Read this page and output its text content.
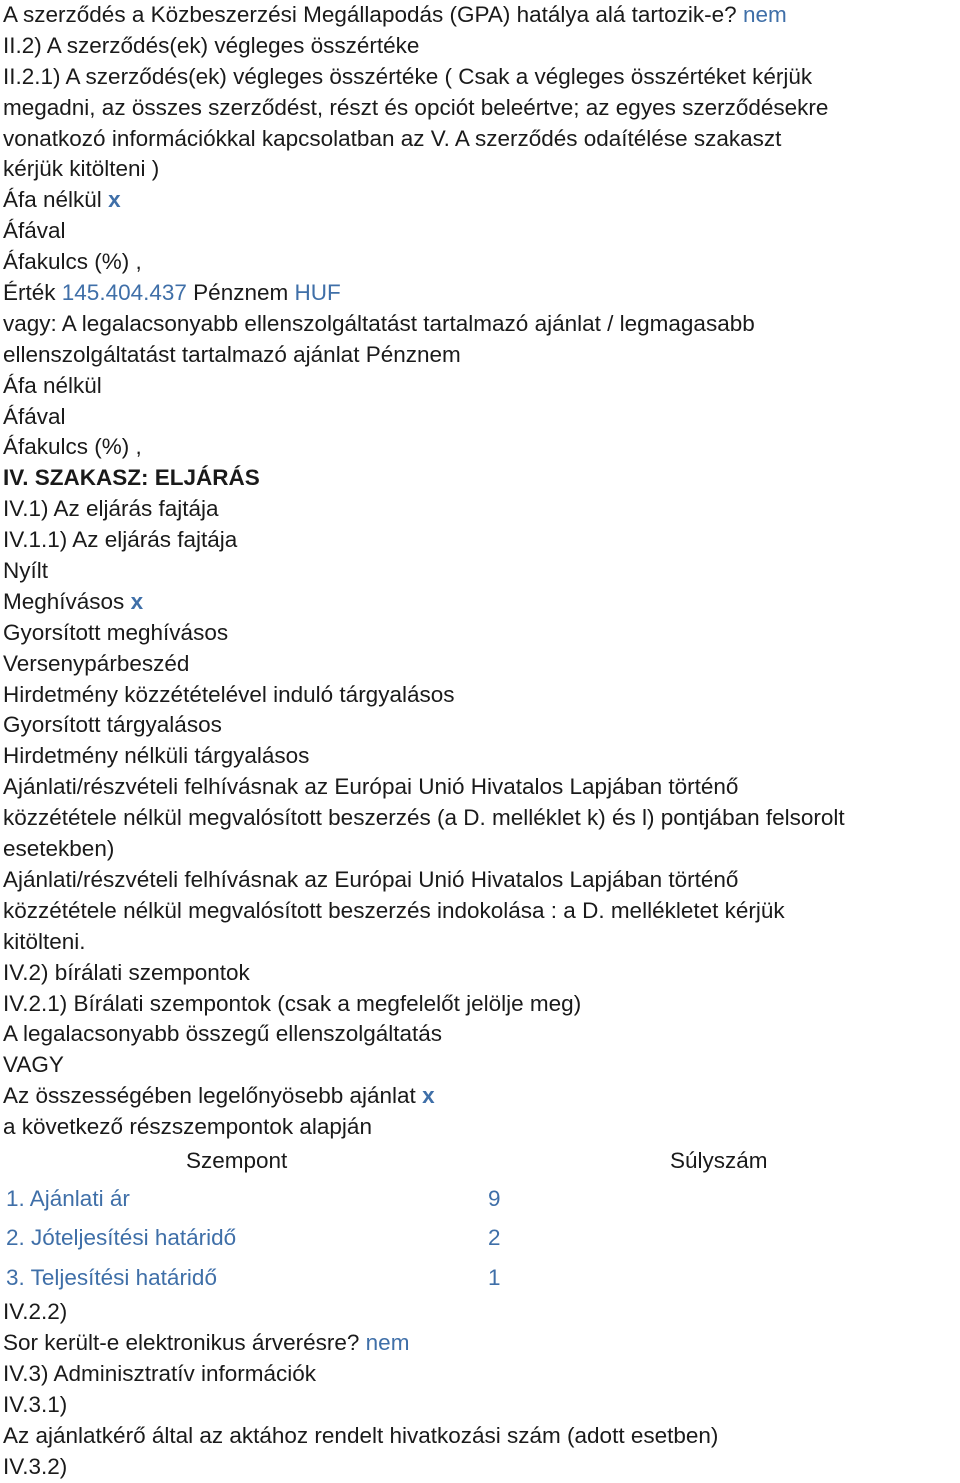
A szerződés a Közbeszerzési Megállapodás (GPA) hatálya alá tartozik-e? nem
II.2) A szerződés(ek) végleges összértéke
II.2.1) A szerződés(ek) végleges összértéke ( Csak a végleges összértéket kérjük
megadni, az összes szerződést, részt és opciót beleértve; az egyes szerződésekre
vonatkozó információkkal kapcsolatban az V. A szerződés odaítélése szakaszt
kérjük kitölteni )
Áfa nélkül x
Áfával
Áfakulcs (%) ,
Érték 145.404.437 Pénznem HUF
vagy: A legalacsonyabb ellenszolgáltatást tartalmazó ajánlat / legmagasabb
ellenszolgáltatást tartalmazó ajánlat Pénznem
Áfa nélkül
Áfával
Áfakulcs (%) ,
IV. SZAKASZ: ELJÁRÁS
IV.1) Az eljárás fajtája
IV.1.1) Az eljárás fajtája
Nyílt
Meghívásos x
Gyorsított meghívásos
Versenypárbeszéd
Hirdetmény közzétételével induló tárgyalásos
Gyorsított tárgyalásos
Hirdetmény nélküli tárgyalásos
Ajánlati/részvételi felhívásnak az Európai Unió Hivatalos Lapjában történő
közzététele nélkül megvalósított beszerzés (a D. melléklet k) és l) pontjában felsorolt
esetekben)
Ajánlati/részvételi felhívásnak az Európai Unió Hivatalos Lapjában történő
közzététele nélkül megvalósított beszerzés indokolása : a D. mellékletet kérjük
kitölteni.
IV.2) bírálati szempontok
IV.2.1) Bírálati szempontok (csak a megfelelőt jelölje meg)
A legalacsonyabb összegű ellenszolgáltatás
VAGY
Az összességében legelőnyösebb ajánlat x
a következő részszempontok alapján
Szempont	Súlyszám
1. Ajánlati ár	9
2. Jóteljesítési határidő	2
3. Teljesítési határidő	1
IV.2.2)
Sor került-e elektronikus árverésre? nem
IV.3) Adminisztratív információk
IV.3.1)
Az ajánlatkérő által az aktához rendelt hivatkozási szám (adott esetben)
IV.3.2)
